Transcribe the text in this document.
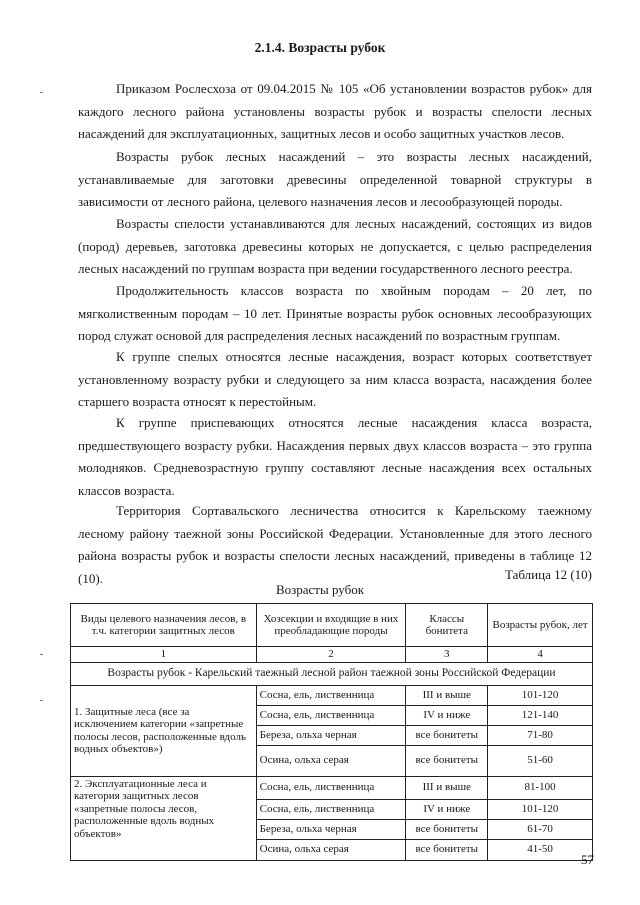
2.1.4. Возрасты рубок

Приказом Рослесхоза от 09.04.2015 № 105 «Об установлении возрастов рубок» для каждого лесного района установлены возрасты рубок и возрасты спелости лесных насаждений для эксплуатационных, защитных лесов и особо защитных участков лесов.

Возрасты рубок лесных насаждений – это возрасты лесных насаждений, устанавливаемые для заготовки древесины определенной товарной структуры в зависимости от лесного района, целевого назначения лесов и лесообразующей породы.

Возрасты спелости устанавливаются для лесных насаждений, состоящих из видов (пород) деревьев, заготовка древесины которых не допускается, с целью распределения лесных насаждений по группам возраста при ведении государственного лесного реестра.

Продолжительность классов возраста по хвойным породам – 20 лет, по мягколиственным породам – 10 лет. Принятые возрасты рубок основных лесообразующих пород служат основой для распределения лесных насаждений по возрастным группам.

К группе спелых относятся лесные насаждения, возраст которых соответствует установленному возрасту рубки и следующего за ним класса возраста, насаждения более старшего возраста относят к перестойным.

К группе приспевающих относятся лесные насаждения класса возраста, предшествующего возрасту рубки. Насаждения первых двух классов возраста – это группа молодняков. Средневозрастную группу составляют лесные насаждения всех остальных классов возраста.

Территория Сортавальского лесничества относится к Карельскому таежному лесному району таежной зоны Российской Федерации. Установленные для этого лесного района возрасты рубок и возрасты спелости лесных насаждений, приведены в таблице 12 (10).	Таблица 12 (10)
Возрасты рубок
Виды целевого назначения лесов, в т.ч. категории защитных лесов	Хозсекции и входящие в них преобладающие породы	Классы бонитета	Возрасты рубок, лет
1	2	3	4
Возрасты рубок - Карельский таежный лесной район таежной зоны Российской Федерации			
1. Защитные леса (все за исключением категории «запретные полосы лесов, расположенные вдоль водных объектов»)	Сосна, ель, лиственница	III и выше	101-120
	Сосна, ель, лиственница	IV и ниже	121-140
	Береза, ольха черная	все бонитеты	71-80
	Осина, ольха серая	все бонитеты	51-60
2. Эксплуатационные леса и категория защитных лесов «запретные полосы лесов, расположенные вдоль водных объектов»	Сосна, ель, лиственница	III и выше	81-100
	Сосна, ель, лиственница	IV и ниже	101-120
	Береза, ольха черная	все бонитеты	61-70
	Осина, ольха серая	все бонитеты	41-50
57
